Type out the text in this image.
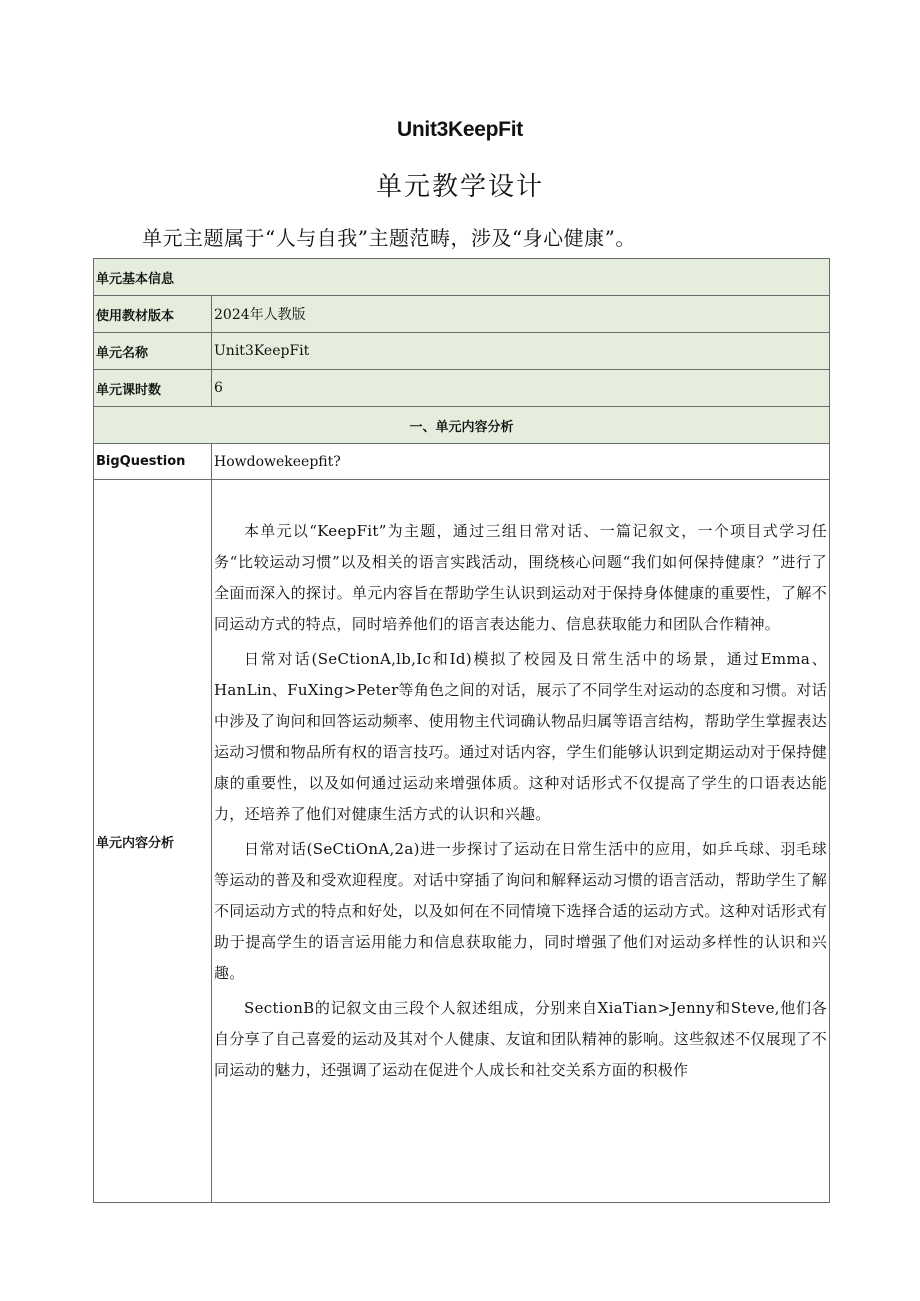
Unit3KeepFit
单元教学设计
单元主题属于“人与自我”主题范畴，涉及“身心健康”。
单元基本信息	
使用教材版本	2024年人教版
单元名称	Unit3KeepFit
单元课时数	6
一、单元内容分析	
BigQuestion	Howdowekeepfit?
单元内容分析	本单元以“KeepFit”为主题，通过三组日常对话、一篇记叙文，一个项目式学习任务“比较运动习惯”以及相关的语言实践活动，围绕核心问题“我们如何保持健康？”进行了全面而深入的探讨。单元内容旨在帮助学生认识到运动对于保持身体健康的重要性，了解不同运动方式的特点，同时培养他们的语言表达能力、信息获取能力和团队合作精神。

日常对话(SeCtionA,lb,Ic和Id)模拟了校园及日常生活中的场景，通过Emma、HanLin、FuXing>Peter等角色之间的对话，展示了不同学生对运动的态度和习惯。对话中涉及了询问和回答运动频率、使用物主代词确认物品归属等语言结构，帮助学生掌握表达运动习惯和物品所有权的语言技巧。通过对话内容，学生们能够认识到定期运动对于保持健康的重要性，以及如何通过运动来增强体质。这种对话形式不仅提高了学生的口语表达能力，还培养了他们对健康生活方式的认识和兴趣。

日常对话(SeCtiOnA,2a)进一步探讨了运动在日常生活中的应用，如乒乓球、羽毛球等运动的普及和受欢迎程度。对话中穿插了询问和解释运动习惯的语言活动，帮助学生了解不同运动方式的特点和好处，以及如何在不同情境下选择合适的运动方式。这种对话形式有助于提高学生的语言运用能力和信息获取能力，同时增强了他们对运动多样性的认识和兴趣。

SectionB的记叙文由三段个人叙述组成，分别来自XiaTian>Jenny和Steve,他们各自分享了自己喜爱的运动及其对个人健康、友谊和团队精神的影响。这些叙述不仅展现了不同运动的魅力，还强调了运动在促进个人成长和社交关系方面的积极作
